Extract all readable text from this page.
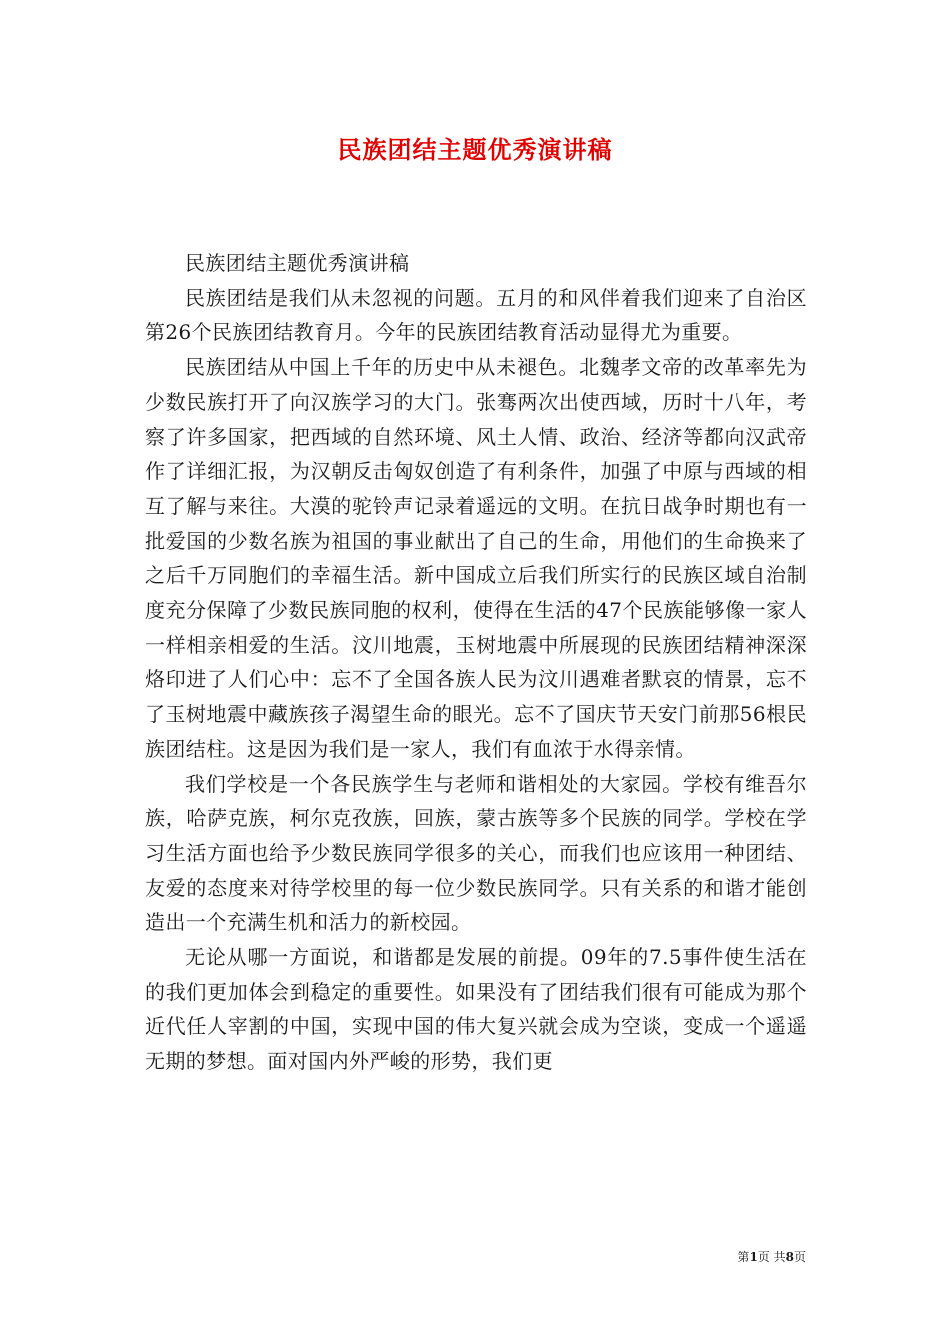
民族团结主题优秀演讲稿

民族团结主题优秀演讲稿

民族团结是我们从未忽视的问题。五月的和风伴着我们迎来了自治区第26个民族团结教育月。今年的民族团结教育活动显得尤为重要。

民族团结从中国上千年的历史中从未褪色。北魏孝文帝的改革率先为少数民族打开了向汉族学习的大门。张骞两次出使西域，历时十八年，考察了许多国家，把西域的自然环境、风土人情、政治、经济等都向汉武帝作了详细汇报，为汉朝反击匈奴创造了有利条件，加强了中原与西域的相互了解与来往。大漠的驼铃声记录着遥远的文明。在抗日战争时期也有一批爱国的少数名族为祖国的事业献出了自己的生命，用他们的生命换来了之后千万同胞们的幸福生活。新中国成立后我们所实行的民族区域自治制度充分保障了少数民族同胞的权利，使得在生活的47个民族能够像一家人一样相亲相爱的生活。汶川地震，玉树地震中所展现的民族团结精神深深烙印进了人们心中：忘不了全国各族人民为汶川遇难者默哀的情景，忘不了玉树地震中藏族孩子渴望生命的眼光。忘不了国庆节天安门前那56根民族团结柱。这是因为我们是一家人，我们有血浓于水得亲情。

我们学校是一个各民族学生与老师和谐相处的大家园。学校有维吾尔族，哈萨克族，柯尔克孜族，回族，蒙古族等多个民族的同学。学校在学习生活方面也给予少数民族同学很多的关心，而我们也应该用一种团结、友爱的态度来对待学校里的每一位少数民族同学。只有关系的和谐才能创造出一个充满生机和活力的新校园。

无论从哪一方面说，和谐都是发展的前提。09年的7.5事件使生活在的我们更加体会到稳定的重要性。如果没有了团结我们很有可能成为那个近代任人宰割的中国，实现中国的伟大复兴就会成为空谈，变成一个遥遥无期的梦想。面对国内外严峻的形势，我们更

第1页 共8页
